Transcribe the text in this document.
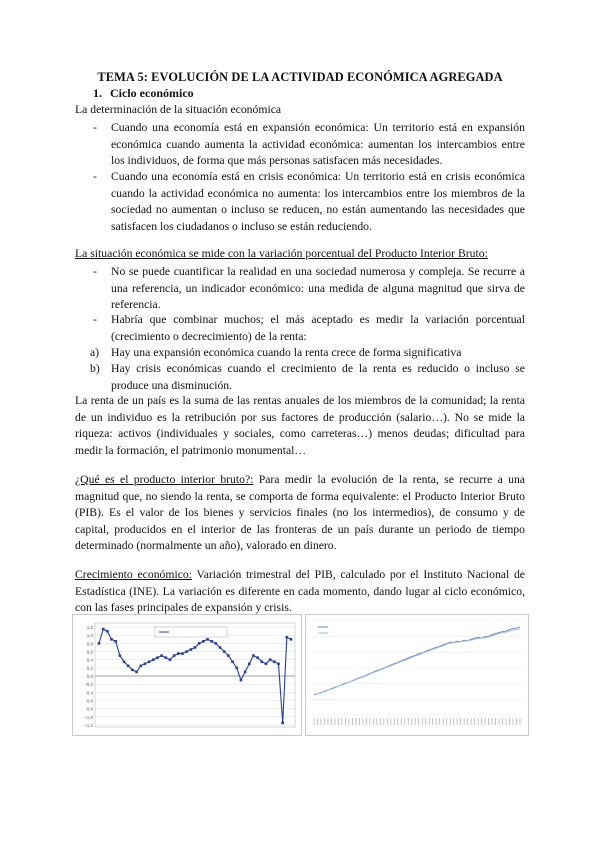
TEMA 5: EVOLUCIÓN DE LA ACTIVIDAD ECONÓMICA AGREGADA
1. Ciclo económico
La determinación de la situación económica
- Cuando una economía está en expansión económica: Un territorio está en expansión económica cuando aumenta la actividad económica: aumentan los intercambios entre los individuos, de forma que más personas satisfacen más necesidades.
- Cuando una economía está en crisis económica: Un territorio está en crisis económica cuando la actividad económica no aumenta: los intercambios entre los miembros de la sociedad no aumentan o incluso se reducen, no están aumentando las necesidades que satisfacen los ciudadanos o incluso se están reduciendo.
La situación económica se mide con la variación porcentual del Producto Interior Bruto:
- No se puede cuantificar la realidad en una sociedad numerosa y compleja. Se recurre a una referencia, un indicador económico: una medida de alguna magnitud que sirva de referencia.
- Habría que combinar muchos; el más aceptado es medir la variación porcentual (crecimiento o decrecimiento) de la renta:
a) Hay una expansión económica cuando la renta crece de forma significativa
b) Hay crisis económicas cuando el crecimiento de la renta es reducido o incluso se produce una disminución.
La renta de un país es la suma de las rentas anuales de los miembros de la comunidad; la renta de un individuo es la retribución por sus factores de producción (salario…). No se mide la riqueza: activos (individuales y sociales, como carreteras…) menos deudas; dificultad para medir la formación, el patrimonio monumental…
¿Qué es el producto interior bruto?: Para medir la evolución de la renta, se recurre a una magnitud que, no siendo la renta, se comporta de forma equivalente: el Producto Interior Bruto (PIB). Es el valor de los bienes y servicios finales (no los intermedios), de consumo y de capital, producidos en el interior de las fronteras de un país durante un periodo de tiempo determinado (normalmente un año), valorado en dinero.
Crecimiento económico: Variación trimestral del PIB, calculado por el Instituto Nacional de Estadística (INE). La variación es diferente en cada momento, dando lugar al ciclo económico, con las fases principales de expansión y crisis.
1,2
1,0
0,8
0,6
0,4
0,2
0,0
-0,2
-0,4
-0,6
-0,8
-1,0
-1,2
